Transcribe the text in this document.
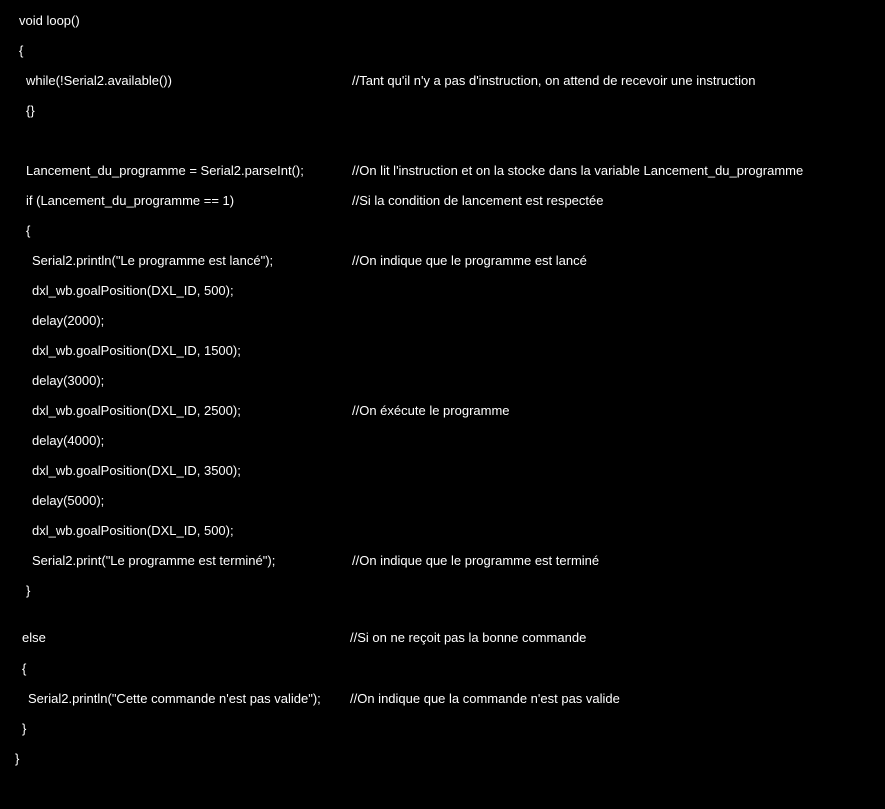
void loop()

{

while(!Serial2.available())

	//Tant qu'il n'y a pas d'instruction, on attend de recevoir une instruction

{}

Lancement_du_programme = Serial2.parseInt();

	//On lit l'instruction et on la stocke dans la variable Lancement_du_programme

if (Lancement_du_programme == 1)

	//Si la condition de lancement est respectée

{

Serial2.println("Le programme est lancé");

	//On indique que le programme est lancé

dxl_wb.goalPosition(DXL_ID, 500);

delay(2000);

dxl_wb.goalPosition(DXL_ID, 1500);

delay(3000);

dxl_wb.goalPosition(DXL_ID, 2500);

	//On éxécute le programme

delay(4000);

dxl_wb.goalPosition(DXL_ID, 3500);

delay(5000);

dxl_wb.goalPosition(DXL_ID, 500);

Serial2.print("Le programme est terminé");

	//On indique que le programme est terminé

}

else

	//Si on ne reçoit pas la bonne commande

{

Serial2.println("Cette commande n'est pas valide");

//On indique que la commande n'est pas valide

}

}
